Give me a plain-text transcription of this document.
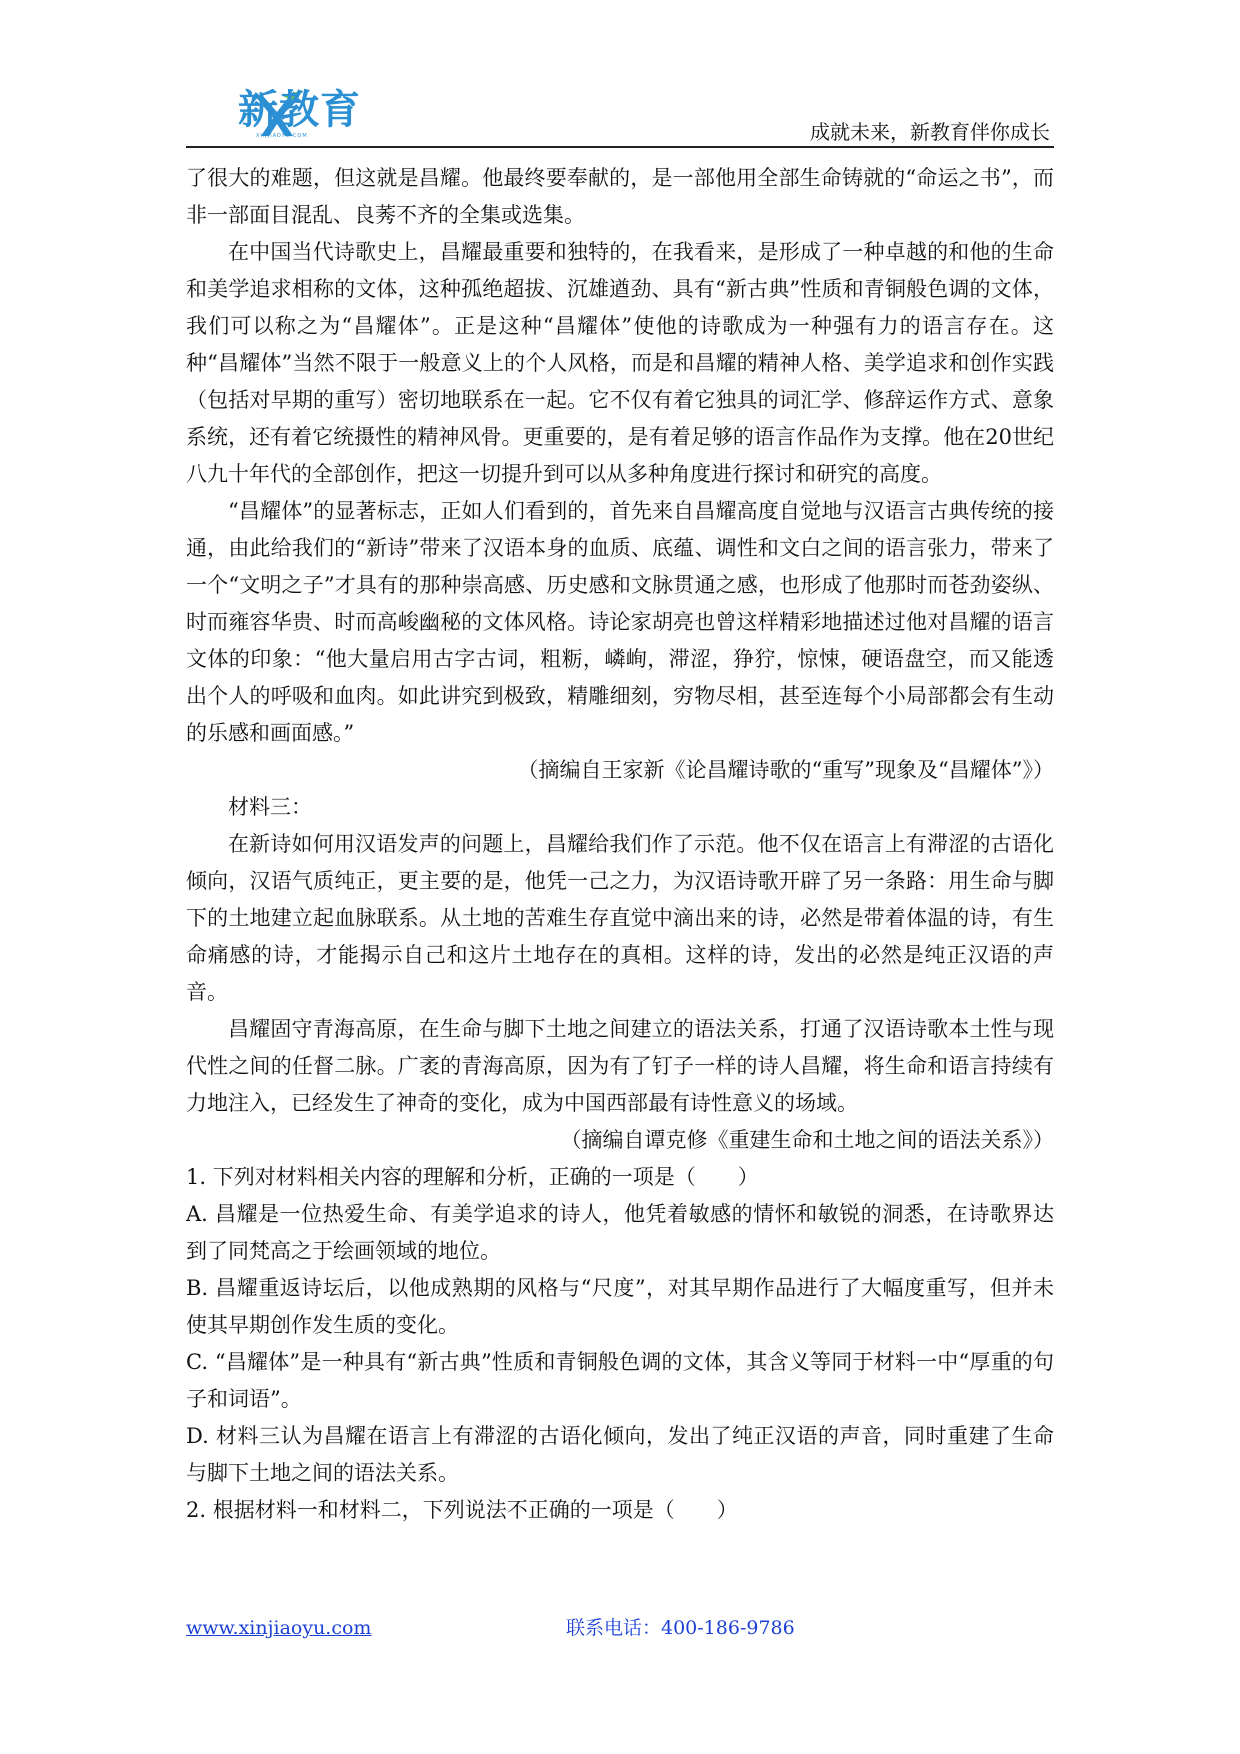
新教育
XINJIAOYU.COM	成就未来，新教育伴你成长

了很大的难题，但这就是昌耀。他最终要奉献的，是一部他用全部生命铸就的“命运之书”，而非一部面目混乱、良莠不齐的全集或选集。

在中国当代诗歌史上，昌耀最重要和独特的，在我看来，是形成了一种卓越的和他的生命和美学追求相称的文体，这种孤绝超拔、沉雄遒劲、具有“新古典”性质和青铜般色调的文体，我们可以称之为“昌耀体”。正是这种“昌耀体”使他的诗歌成为一种强有力的语言存在。这种“昌耀体”当然不限于一般意义上的个人风格，而是和昌耀的精神人格、美学追求和创作实践（包括对早期的重写）密切地联系在一起。它不仅有着它独具的词汇学、修辞运作方式、意象系统，还有着它统摄性的精神风骨。更重要的，是有着足够的语言作品作为支撑。他在20世纪八九十年代的全部创作，把这一切提升到可以从多种角度进行探讨和研究的高度。

“昌耀体”的显著标志，正如人们看到的，首先来自昌耀高度自觉地与汉语言古典传统的接通，由此给我们的“新诗”带来了汉语本身的血质、底蕴、调性和文白之间的语言张力，带来了一个“文明之子”才具有的那种崇高感、历史感和文脉贯通之感，也形成了他那时而苍劲姿纵、时而雍容华贵、时而高峻幽秘的文体风格。诗论家胡亮也曾这样精彩地描述过他对昌耀的语言文体的印象：“他大量启用古字古词，粗粝，嶙峋，滞涩，狰狞，惊悚，硬语盘空，而又能透出个人的呼吸和血肉。如此讲究到极致，精雕细刻，穷物尽相，甚至连每个小局部都会有生动的乐感和画面感。”

（摘编自王家新《论昌耀诗歌的“重写”现象及“昌耀体”》）

材料三：

在新诗如何用汉语发声的问题上，昌耀给我们作了示范。他不仅在语言上有滞涩的古语化倾向，汉语气质纯正，更主要的是，他凭一己之力，为汉语诗歌开辟了另一条路：用生命与脚下的土地建立起血脉联系。从土地的苦难生存直觉中滴出来的诗，必然是带着体温的诗，有生命痛感的诗，才能揭示自己和这片土地存在的真相。这样的诗，发出的必然是纯正汉语的声音。

昌耀固守青海高原，在生命与脚下土地之间建立的语法关系，打通了汉语诗歌本土性与现代性之间的任督二脉。广袤的青海高原，因为有了钉子一样的诗人昌耀，将生命和语言持续有力地注入，已经发生了神奇的变化，成为中国西部最有诗性意义的场域。

（摘编自谭克修《重建生命和土地之间的语法关系》）

1. 下列对材料相关内容的理解和分析，正确的一项是（　　）

A. 昌耀是一位热爱生命、有美学追求的诗人，他凭着敏感的情怀和敏锐的洞悉，在诗歌界达到了同梵高之于绘画领域的地位。

B. 昌耀重返诗坛后，以他成熟期的风格与“尺度”，对其早期作品进行了大幅度重写，但并未使其早期创作发生质的变化。

C. “昌耀体”是一种具有“新古典”性质和青铜般色调的文体，其含义等同于材料一中“厚重的句子和词语”。

D. 材料三认为昌耀在语言上有滞涩的古语化倾向，发出了纯正汉语的声音，同时重建了生命与脚下土地之间的语法关系。

2. 根据材料一和材料二，下列说法不正确的一项是（　　）

www.xinjiaoyu.com	联系电话：400-186-9786
